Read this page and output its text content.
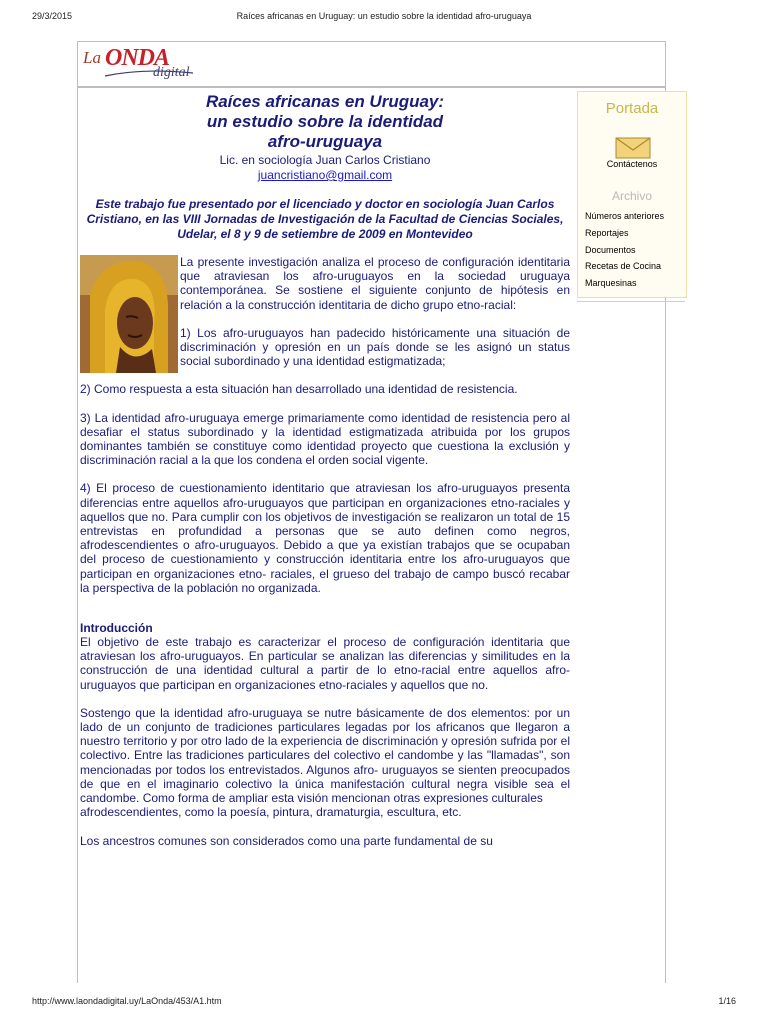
29/3/2015	Raíces africanas en Uruguay: un estudio sobre la identidad afro-uruguaya
La ONDA
digital
Raíces africanas en Uruguay:
un estudio sobre la identidad
afro-uruguaya
Lic. en sociología Juan Carlos Cristiano
juancristiano@gmail.com
Este trabajo fue presentado por el licenciado y doctor en sociología Juan Carlos Cristiano, en las VIII Jornadas de Investigación de la Facultad de Ciencias Sociales, Udelar, el 8 y 9 de setiembre de 2009 en Montevideo

La presente investigación analiza el proceso de configuración identitaria que atraviesan los afro-uruguayos en la sociedad uruguaya contemporánea. Se sostiene el siguiente conjunto de hipótesis en relación a la construcción identitaria de dicho grupo etno-racial:

1) Los afro-uruguayos han padecido históricamente una situación de discriminación y opresión en un país donde se les asignó un status social subordinado y una identidad estigmatizada;

2) Como respuesta a esta situación han desarrollado una identidad de resistencia.

3) La identidad afro-uruguaya emerge primariamente como identidad de resistencia pero al desafiar el status subordinado y la identidad estigmatizada atribuida por los grupos dominantes también se constituye como identidad proyecto que cuestiona la exclusión y discriminación racial a la que los condena el orden social vigente.

4) El proceso de cuestionamiento identitario que atraviesan los afro-uruguayos presenta diferencias entre aquellos afro-uruguayos que participan en organizaciones etno-raciales y aquellos que no. Para cumplir con los objetivos de investigación se realizaron un total de 15 entrevistas en profundidad a personas que se auto definen como negros, afrodescendientes o afro-uruguayos. Debido a que ya existían trabajos que se ocupaban del proceso de cuestionamiento y construcción identitaria entre los afro-uruguayos que participan en organizaciones etno- raciales, el grueso del trabajo de campo buscó recabar la perspectiva de la población no organizada.

Introducción

El objetivo de este trabajo es caracterizar el proceso de configuración identitaria que atraviesan los afro-uruguayos. En particular se analizan las diferencias y similitudes en la construcción de una identidad cultural a partir de lo etno-racial entre aquellos afro- uruguayos que participan en organizaciones etno-raciales y aquellos que no.

Sostengo que la identidad afro-uruguaya se nutre básicamente de dos elementos: por un lado de un conjunto de tradiciones particulares legadas por los africanos que llegaron a nuestro territorio y por otro lado de la experiencia de discriminación y opresión sufrida por el colectivo. Entre las tradiciones particulares del colectivo el candombe y las "llamadas", son mencionadas por todos los entrevistados. Algunos afro- uruguayos se sienten preocupados de que en el imaginario colectivo la única manifestación cultural negra visible sea el candombe. Como forma de ampliar esta visión mencionan otras expresiones culturales

afrodescendientes, como la poesía, pintura, dramaturgia, escultura, etc.

Los ancestros comunes son considerados como una parte fundamental de su

Portada
Contáctenos
Archivo
Números anteriores
Reportajes
Documentos
Recetas de Cocina
Marquesinas
http://www.laondadigital.uy/LaOnda/453/A1.htm	1/16
